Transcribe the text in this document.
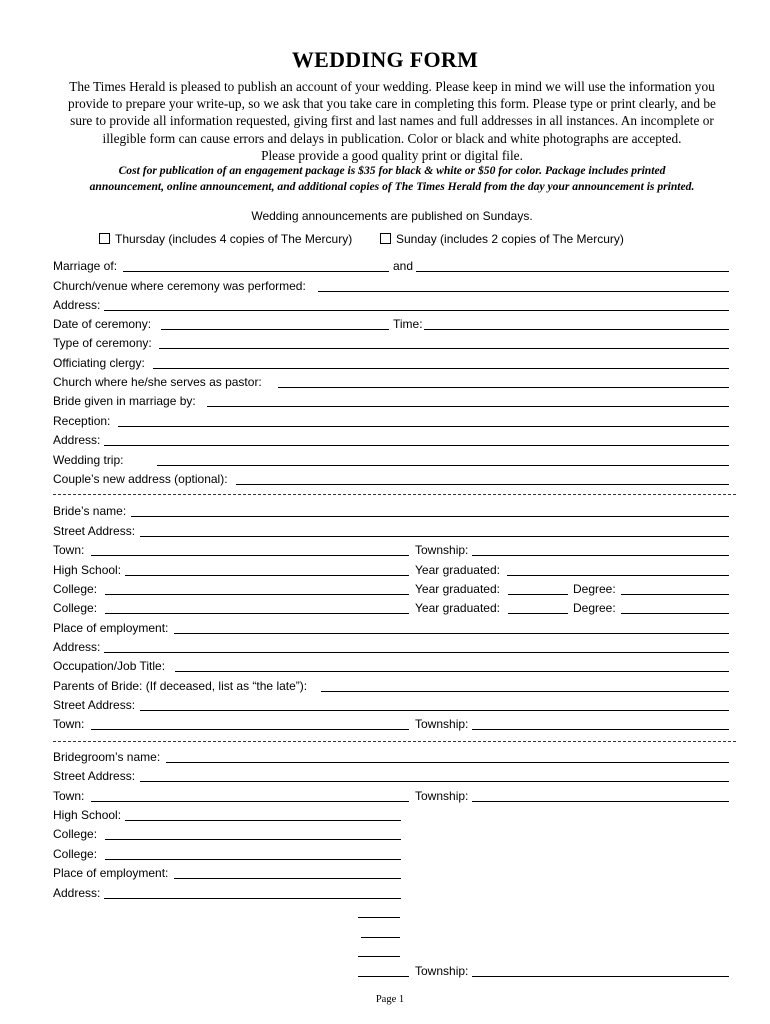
WEDDING FORM

The Times Herald is pleased to publish an account of your wedding. Please keep in mind we will use the information you

provide to prepare your write-up, so we ask that you take care in completing this form. Please type or print clearly, and be

sure to provide all information requested, giving first and last names and full addresses in all instances. An incomplete or

illegible form can cause errors and delays in publication. Color or black and white photographs are accepted.

Please provide a good quality print or digital file.

Cost for publication of an engagement package is $35 for black & white or $50 for color. Package includes printed
announcement, online announcement, and additional copies of The Times Herald from the day your announcement is printed.
Wedding announcements are published on Sundays.
Thursday (includes 4 copies of The Mercury)	Sunday (includes 2 copies of The Mercury)
Marriage of:	and
Church/venue where ceremony was performed:
Address:
Date of ceremony:	Time:
Type of ceremony:
Officiating clergy:
Church where he/she serves as pastor:
Bride given in marriage by:
Reception:
Address:
Wedding trip:
Couple’s new address (optional):
Bride’s name:
Street Address:
Town:	Township:
High School:	Year graduated:
College:	Year graduated:	Degree:
College:	Year graduated:	Degree:
Place of employment:
Address:
Occupation/Job Title:
Parents of Bride: (If deceased, list as “the late”):
Street Address:
Town:	Township:
Bridegroom’s name:
Street Address:
Town:	Township:
High School:
College:
College:
Place of employment:
Address:
Township:
Page 1
